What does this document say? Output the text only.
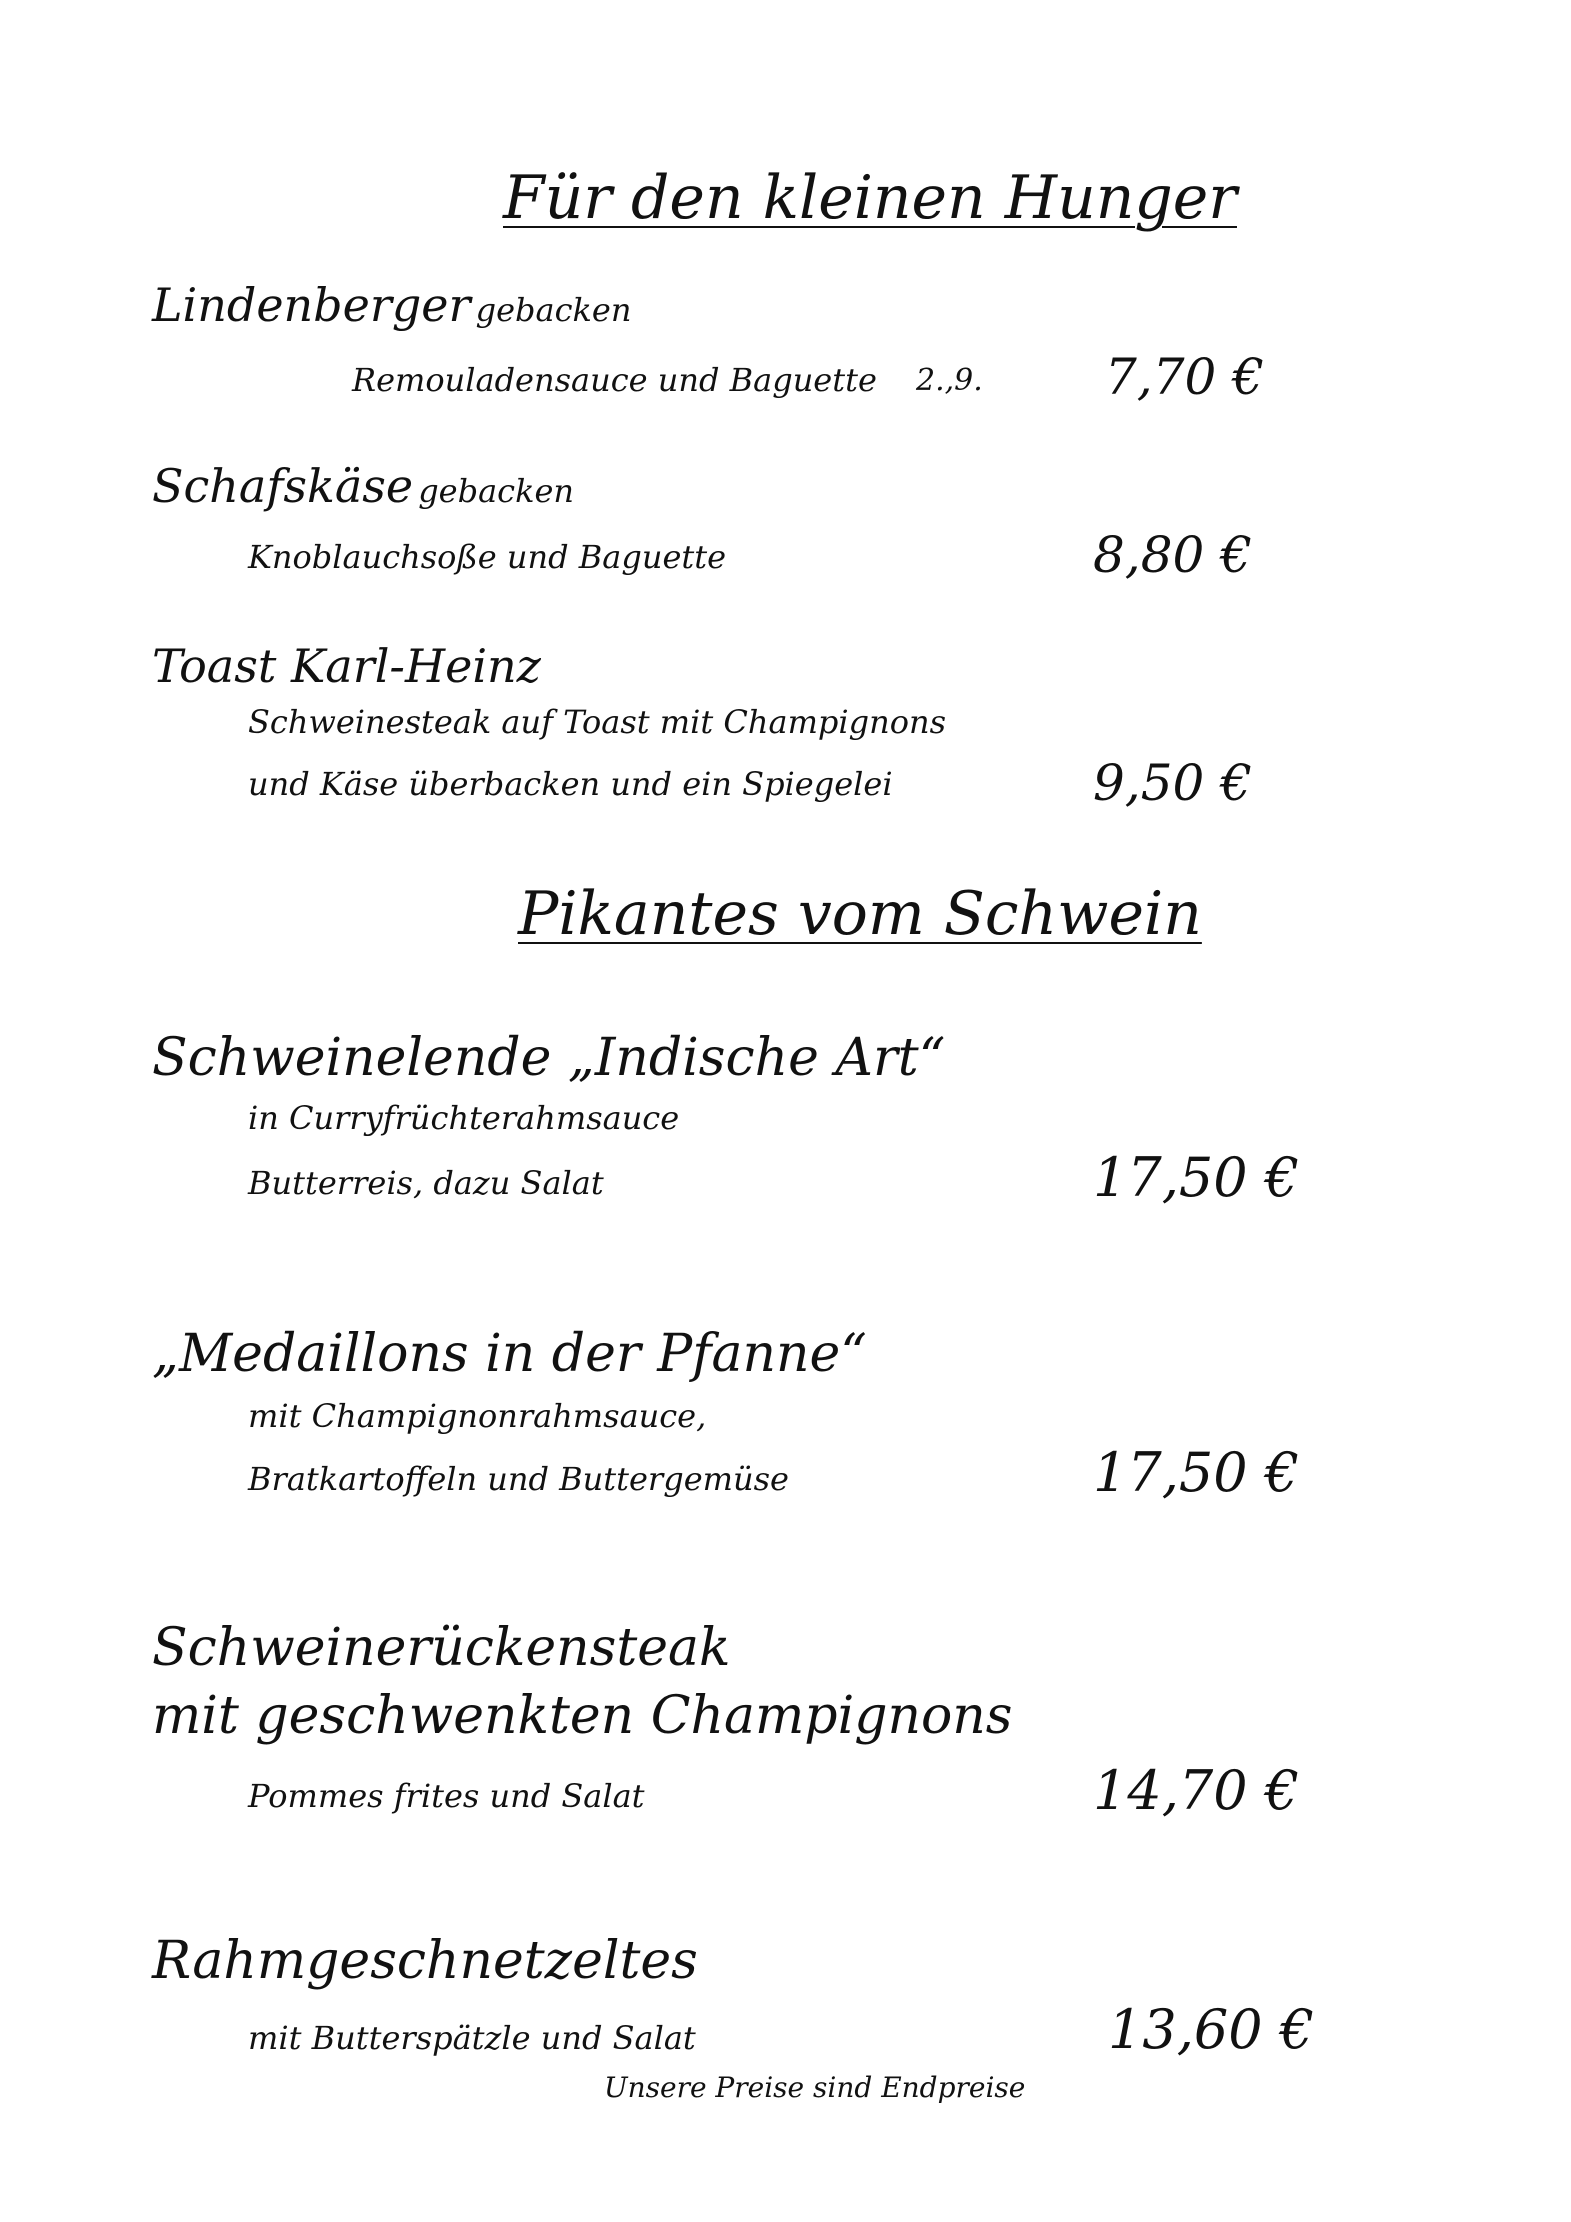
Für den kleinen Hunger
Lindenberger gebacken
Remouladensauce und Baguette 2.,9. 7,70 €
Schafskäse gebacken
Knoblauchsoße und Baguette	8,80 €
Toast Karl-Heinz
Schweinesteak auf Toast mit Champignons
und Käse überbacken und ein Spiegelei	9,50 €
Pikantes vom Schwein
Schweinelende „Indische Art“
in Curryfrüchterahmsauce
Butterreis, dazu Salat	17,50 €
„Medaillons in der Pfanne“
mit Champignonrahmsauce,
Bratkartoffeln und Buttergemüse	17,50 €
Schweinerückensteak
mit geschwenkten Champignons
Pommes frites und Salat	14,70 €
Rahmgeschnetzeltes
mit Butterspätzle und Salat	13,60 €
Unsere Preise sind Endpreise
